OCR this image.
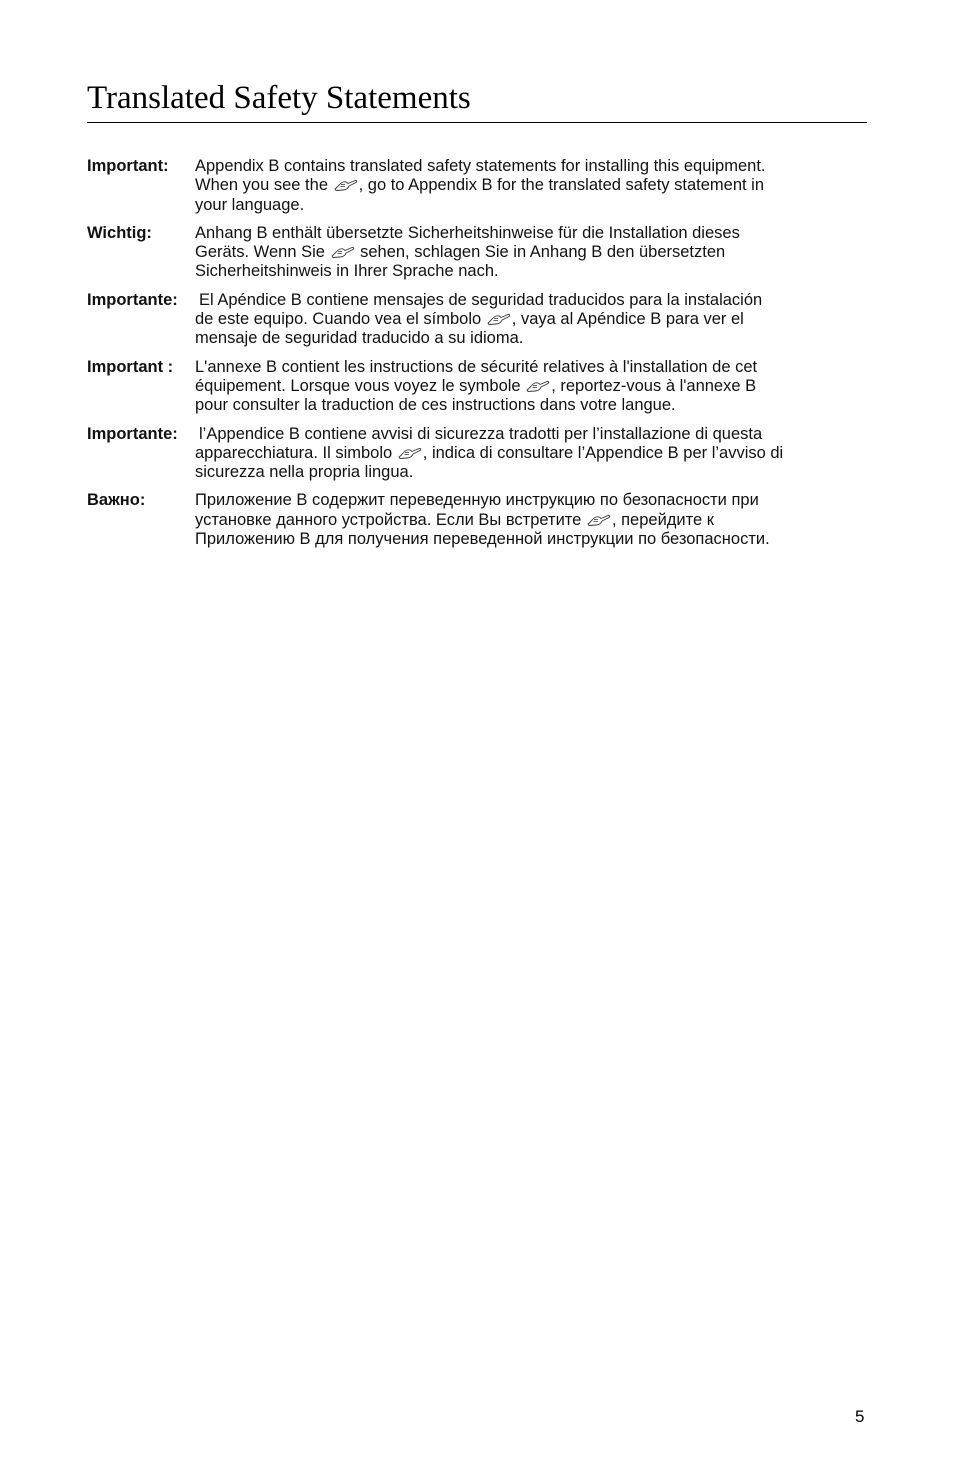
Translated Safety Statements
Important: Appendix B contains translated safety statements for installing this equipment.
When you see the , go to Appendix B for the translated safety statement in
your language.
Wichtig:	Anhang B enthält übersetzte Sicherheitshinweise für die Installation dieses
Geräts. Wenn Sie  sehen, schlagen Sie in Anhang B den übersetzten
Sicherheitshinweis in Ihrer Sprache nach.
Importante: El Apéndice B contiene mensajes de seguridad traducidos para la instalación
de este equipo. Cuando vea el símbolo , vaya al Apéndice B para ver el
mensaje de seguridad traducido a su idioma.
Important : L'annexe B contient les instructions de sécurité relatives à l'installation de cet
équipement. Lorsque vous voyez le symbole , reportez-vous à l'annexe B
pour consulter la traduction de ces instructions dans votre langue.
Importante: l’Appendice B contiene avvisi di sicurezza tradotti per l’installazione di questa
apparecchiatura. Il simbolo , indica di consultare l’Appendice B per l’avviso di
sicurezza nella propria lingua.
Важно:	Приложение B содержит переведенную инструкцию по безопасности при
установке данного устройства. Если Вы встретите , перейдите к
Приложению B для получения переведенной инструкции по безопасности.
5
